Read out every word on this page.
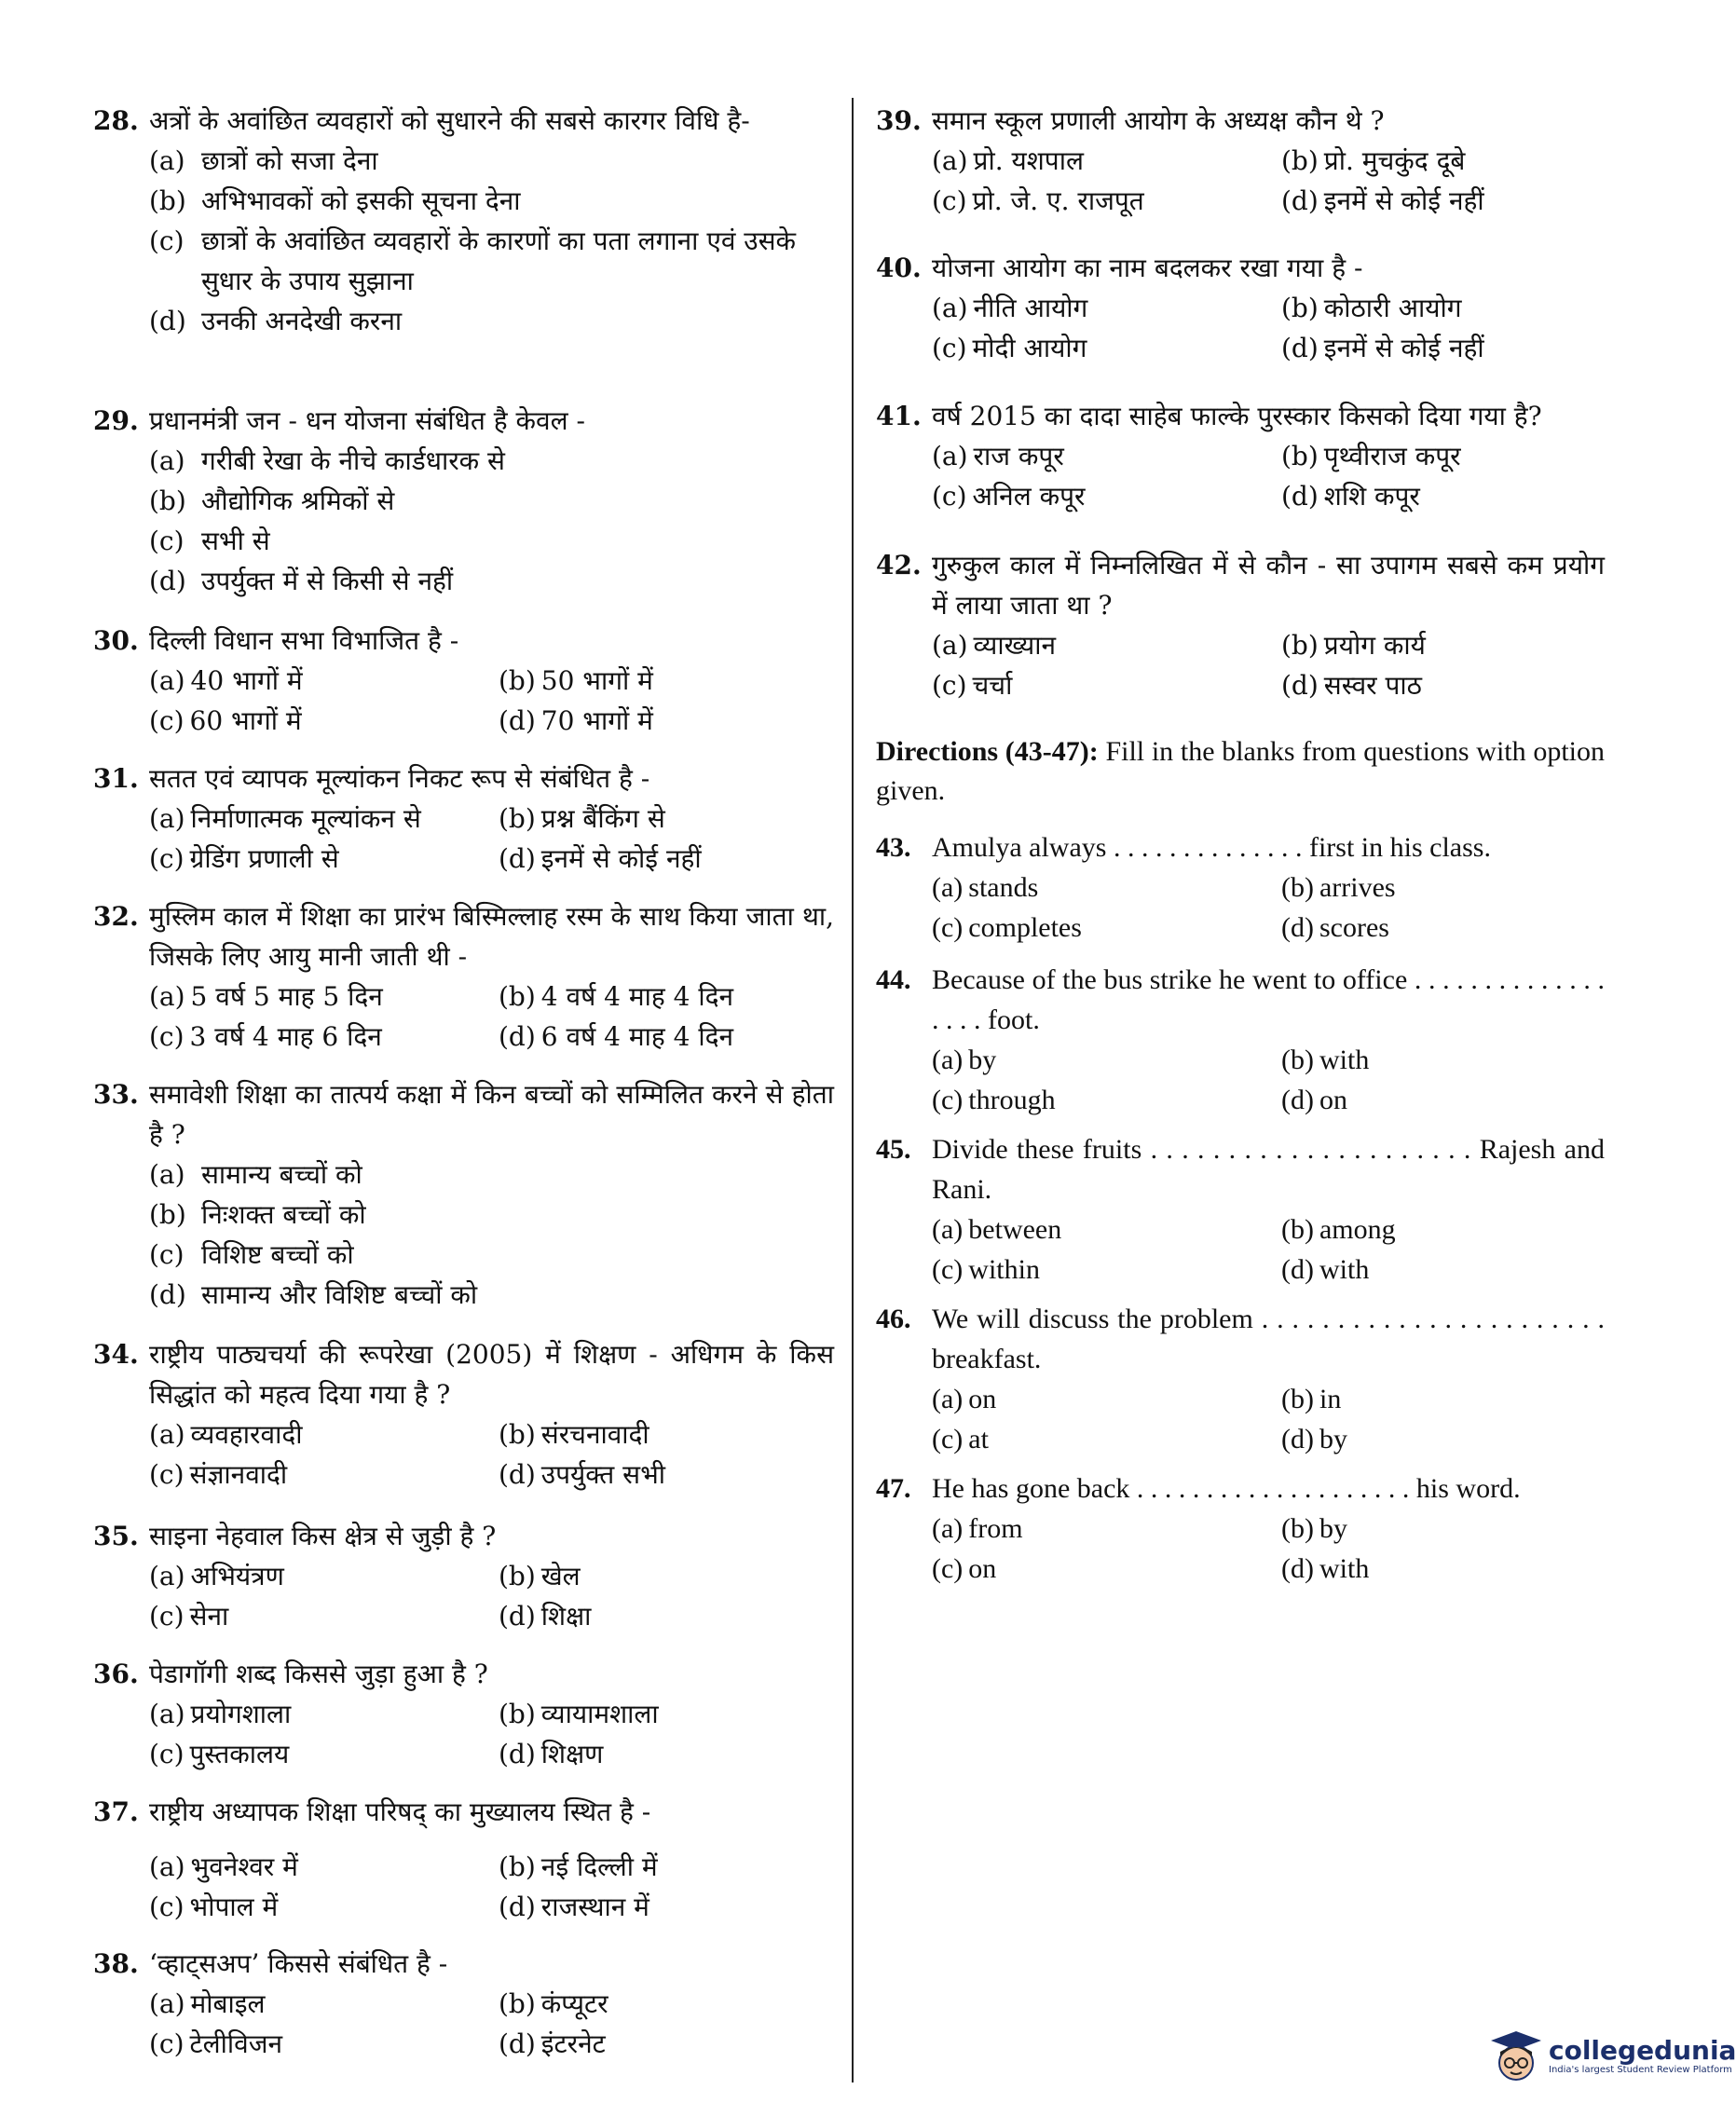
28. अत्रों के अवांछित व्यवहारों को सुधारने की सबसे कारगर विधि है-
(a) छात्रों को सजा देना
(b) अभिभावकों को इसकी सूचना देना
(c) छात्रों के अवांछित व्यवहारों के कारणों का पता लगाना एवं उसके सुधार के उपाय सुझाना
(d) उनकी अनदेखी करना
29. प्रधानमंत्री जन - धन योजना संबंधित है केवल -
(a) गरीबी रेखा के नीचे कार्डधारक से
(b) औद्योगिक श्रमिकों से
(c) सभी से
(d) उपर्युक्त में से किसी से नहीं
30. दिल्ली विधान सभा विभाजित है -
(a) 40 भागों में	(b) 50 भागों में
(c) 60 भागों में	(d) 70 भागों में
31. सतत एवं व्यापक मूल्यांकन निकट रूप से संबंधित है -
(a) निर्माणात्मक मूल्यांकन से	(b) प्रश्न बैंकिंग से
(c) ग्रेडिंग प्रणाली से	(d) इनमें से कोई नहीं
32. मुस्लिम काल में शिक्षा का प्रारंभ बिस्मिल्लाह रस्म के साथ किया जाता था, जिसके लिए आयु मानी जाती थी -
(a) 5 वर्ष 5 माह 5 दिन	(b) 4 वर्ष 4 माह 4 दिन
(c) 3 वर्ष 4 माह 6 दिन	(d) 6 वर्ष 4 माह 4 दिन
33. समावेशी शिक्षा का तात्पर्य कक्षा में किन बच्चों को सम्मिलित करने से होता है ?
(a) सामान्य बच्चों को
(b) निःशक्त बच्चों को
(c) विशिष्ट बच्चों को
(d) सामान्य और विशिष्ट बच्चों को
34. राष्ट्रीय पाठ्यचर्या की रूपरेखा (2005) में शिक्षण - अधिगम के किस सिद्धांत को महत्व दिया गया है ?
(a) व्यवहारवादी	(b) संरचनावादी
(c) संज्ञानवादी	(d) उपर्युक्त सभी
35. साइना नेहवाल किस क्षेत्र से जुड़ी है ?
(a) अभियंत्रण	(b) खेल
(c) सेना	(d) शिक्षा
36. पेडागॉगी शब्द किससे जुड़ा हुआ है ?
(a) प्रयोगशाला	(b) व्यायामशाला
(c) पुस्तकालय	(d) शिक्षण
37. राष्ट्रीय अध्यापक शिक्षा परिषद् का मुख्यालय स्थित है -
(a) भुवनेश्वर में	(b) नई दिल्ली में
(c) भोपाल में	(d) राजस्थान में
38. ‘व्हाट्सअप’ किससे संबंधित है -
(a) मोबाइल	(b) कंप्यूटर
(c) टेलीविजन	(d) इंटरनेट
Directions (43-47): Fill in the blanks from questions with option given.
39. समान स्कूल प्रणाली आयोग के अध्यक्ष कौन थे ?
(a) प्रो. यशपाल	(b) प्रो. मुचकुंद दूबे
(c) प्रो. जे. ए. राजपूत	(d) इनमें से कोई नहीं
40. योजना आयोग का नाम बदलकर रखा गया है -
(a) नीति आयोग	(b) कोठारी आयोग
(c) मोदी आयोग	(d) इनमें से कोई नहीं
41. वर्ष 2015 का दादा साहेब फाल्के पुरस्कार किसको दिया गया है?
(a) राज कपूर	(b) पृथ्वीराज कपूर
(c) अनिल कपूर	(d) शशि कपूर
42. गुरुकुल काल में निम्नलिखित में से कौन - सा उपागम सबसे कम प्रयोग में लाया जाता था ?
(a) व्याख्यान	(b) प्रयोग कार्य
(c) चर्चा	(d) सस्वर पाठ
43. Amulya always . . . . . . . . . . . . . . first in his class.
(a) stands	(b) arrives
(c) completes	(d) scores
44. Because of the bus strike he went to office . . . . . . . . . . . . . . . . . . foot.
(a) by	(b) with
(c) through	(d) on
45. Divide these fruits . . . . . . . . . . . . . . . . . . . . . Rajesh and Rani.
(a) between	(b) among
(c) within	(d) with
46. We will discuss the problem . . . . . . . . . . . . . . . . . . . . . . . breakfast.
(a) on	(b) in
(c) at	(d) by
47. He has gone back . . . . . . . . . . . . . . . . . . . . his word.
(a) from	(b) by
(c) on	(d) with
collegedunia
India's largest Student Review Platform
